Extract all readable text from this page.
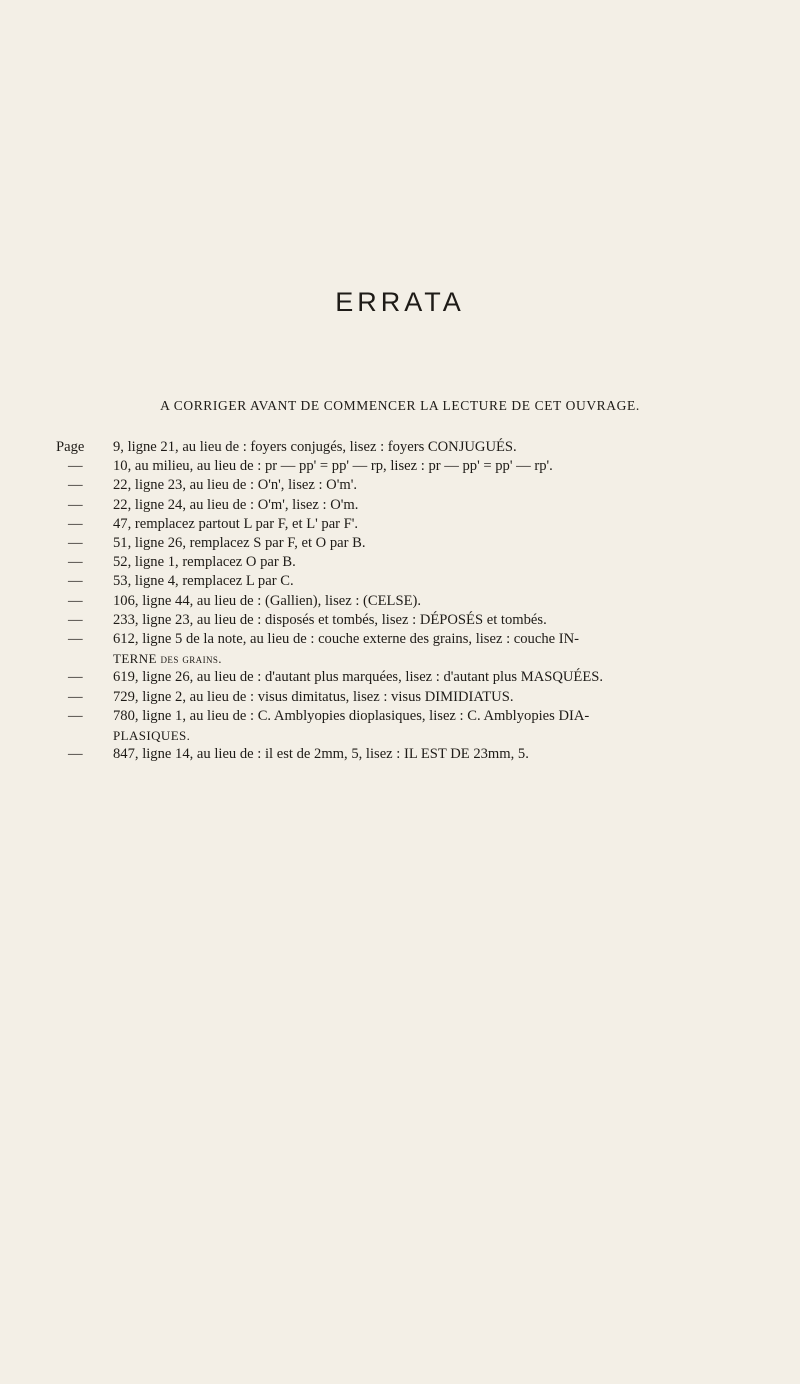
ERRATA
A CORRIGER AVANT DE COMMENCER LA LECTURE DE CET OUVRAGE.
Page	9, ligne 21, au lieu de : foyers conjugés, lisez : foyers CONJUGUÉS.
—	10, au milieu, au lieu de : pr — pp' = pp' — rp, lisez : pr — pp' = pp' — rp'.
—	22, ligne 23, au lieu de : O'n', lisez : O'm'.
—	22, ligne 24, au lieu de : O'm', lisez : O'm.
—	47, remplacez partout L par F, et L' par F'.
—	51, ligne 26, remplacez S par F, et O par B.
—	52, ligne 1, remplacez O par B.
—	53, ligne 4, remplacez L par C.
—	106, ligne 44, au lieu de : (Gallien), lisez : (CELSE).
—	233, ligne 23, au lieu de : disposés et tombés, lisez : DÉPOSÉS et tombés.
—	612, ligne 5 de la note, au lieu de : couche externe des grains, lisez : couche IN-
TERNE des grains.
—	619, ligne 26, au lieu de : d'autant plus marquées, lisez : d'autant plus MASQUÉES.
—	729, ligne 2, au lieu de : visus dimitatus, lisez : visus DIMIDIATUS.
—	780, ligne 1, au lieu de : C. Amblyopies dioplasiques, lisez : C. Amblyopies DIA-
PLASIQUES.
—	847, ligne 14, au lieu de : il est de 2mm, 5, lisez : IL EST DE 23mm, 5.
